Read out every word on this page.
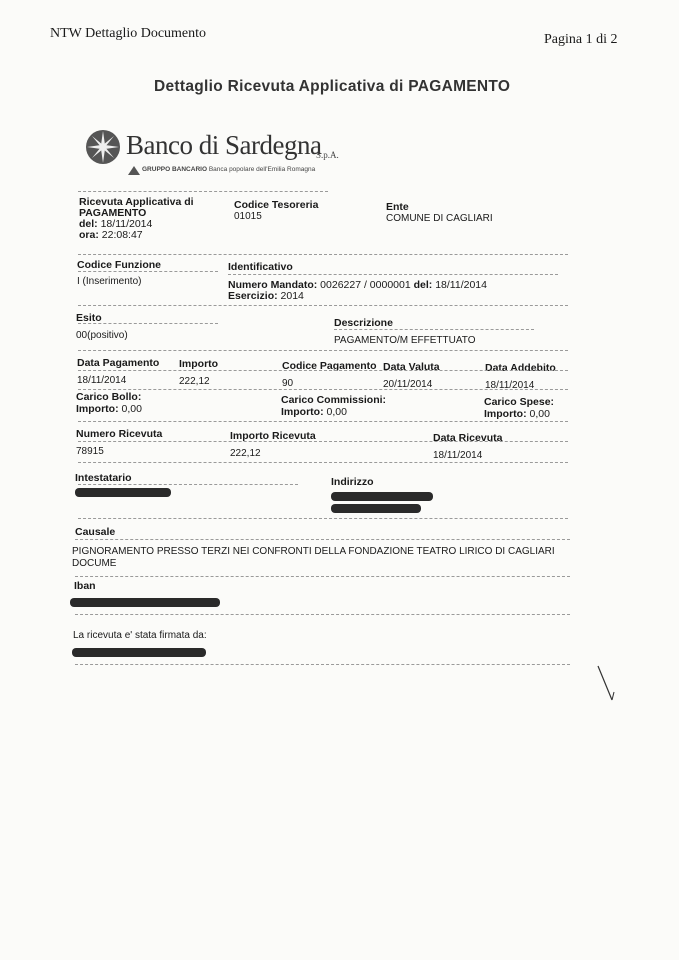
NTW Dettaglio Documento	Pagina 1 di 2
Dettaglio Ricevuta Applicativa di PAGAMENTO
Banco di Sardegna
S.p.A.
GRUPPO BANCARIO Banca popolare dell'Emilia Romagna
Ricevuta Applicativa di
PAGAMENTO
del: 18/11/2014
ora: 22:08:47
Codice Tesoreria
01015
Ente
COMUNE DI CAGLIARI
Codice Funzione
I (Inserimento)
Identificativo
Numero Mandato: 0026227 / 0000001 del: 18/11/2014
Esercizio: 2014
Esito
00(positivo)
Descrizione
PAGAMENTO/M EFFETTUATO
Data Pagamento
18/11/2014
Importo
222,12
Codice Pagamento
90
Data Valuta
20/11/2014
Data Addebito
18/11/2014
Carico Bollo:
Importo: 0,00
Carico Commissioni:
Importo: 0,00
Carico Spese:
Importo: 0,00
Numero Ricevuta
78915
Importo Ricevuta
222,12
Data Ricevuta
18/11/2014
Intestatario	Indirizzo
Causale
PIGNORAMENTO PRESSO TERZI NEI CONFRONTI DELLA FONDAZIONE TEATRO LIRICO DI CAGLIARI
DOCUME
Iban
La ricevuta e' stata firmata da:
